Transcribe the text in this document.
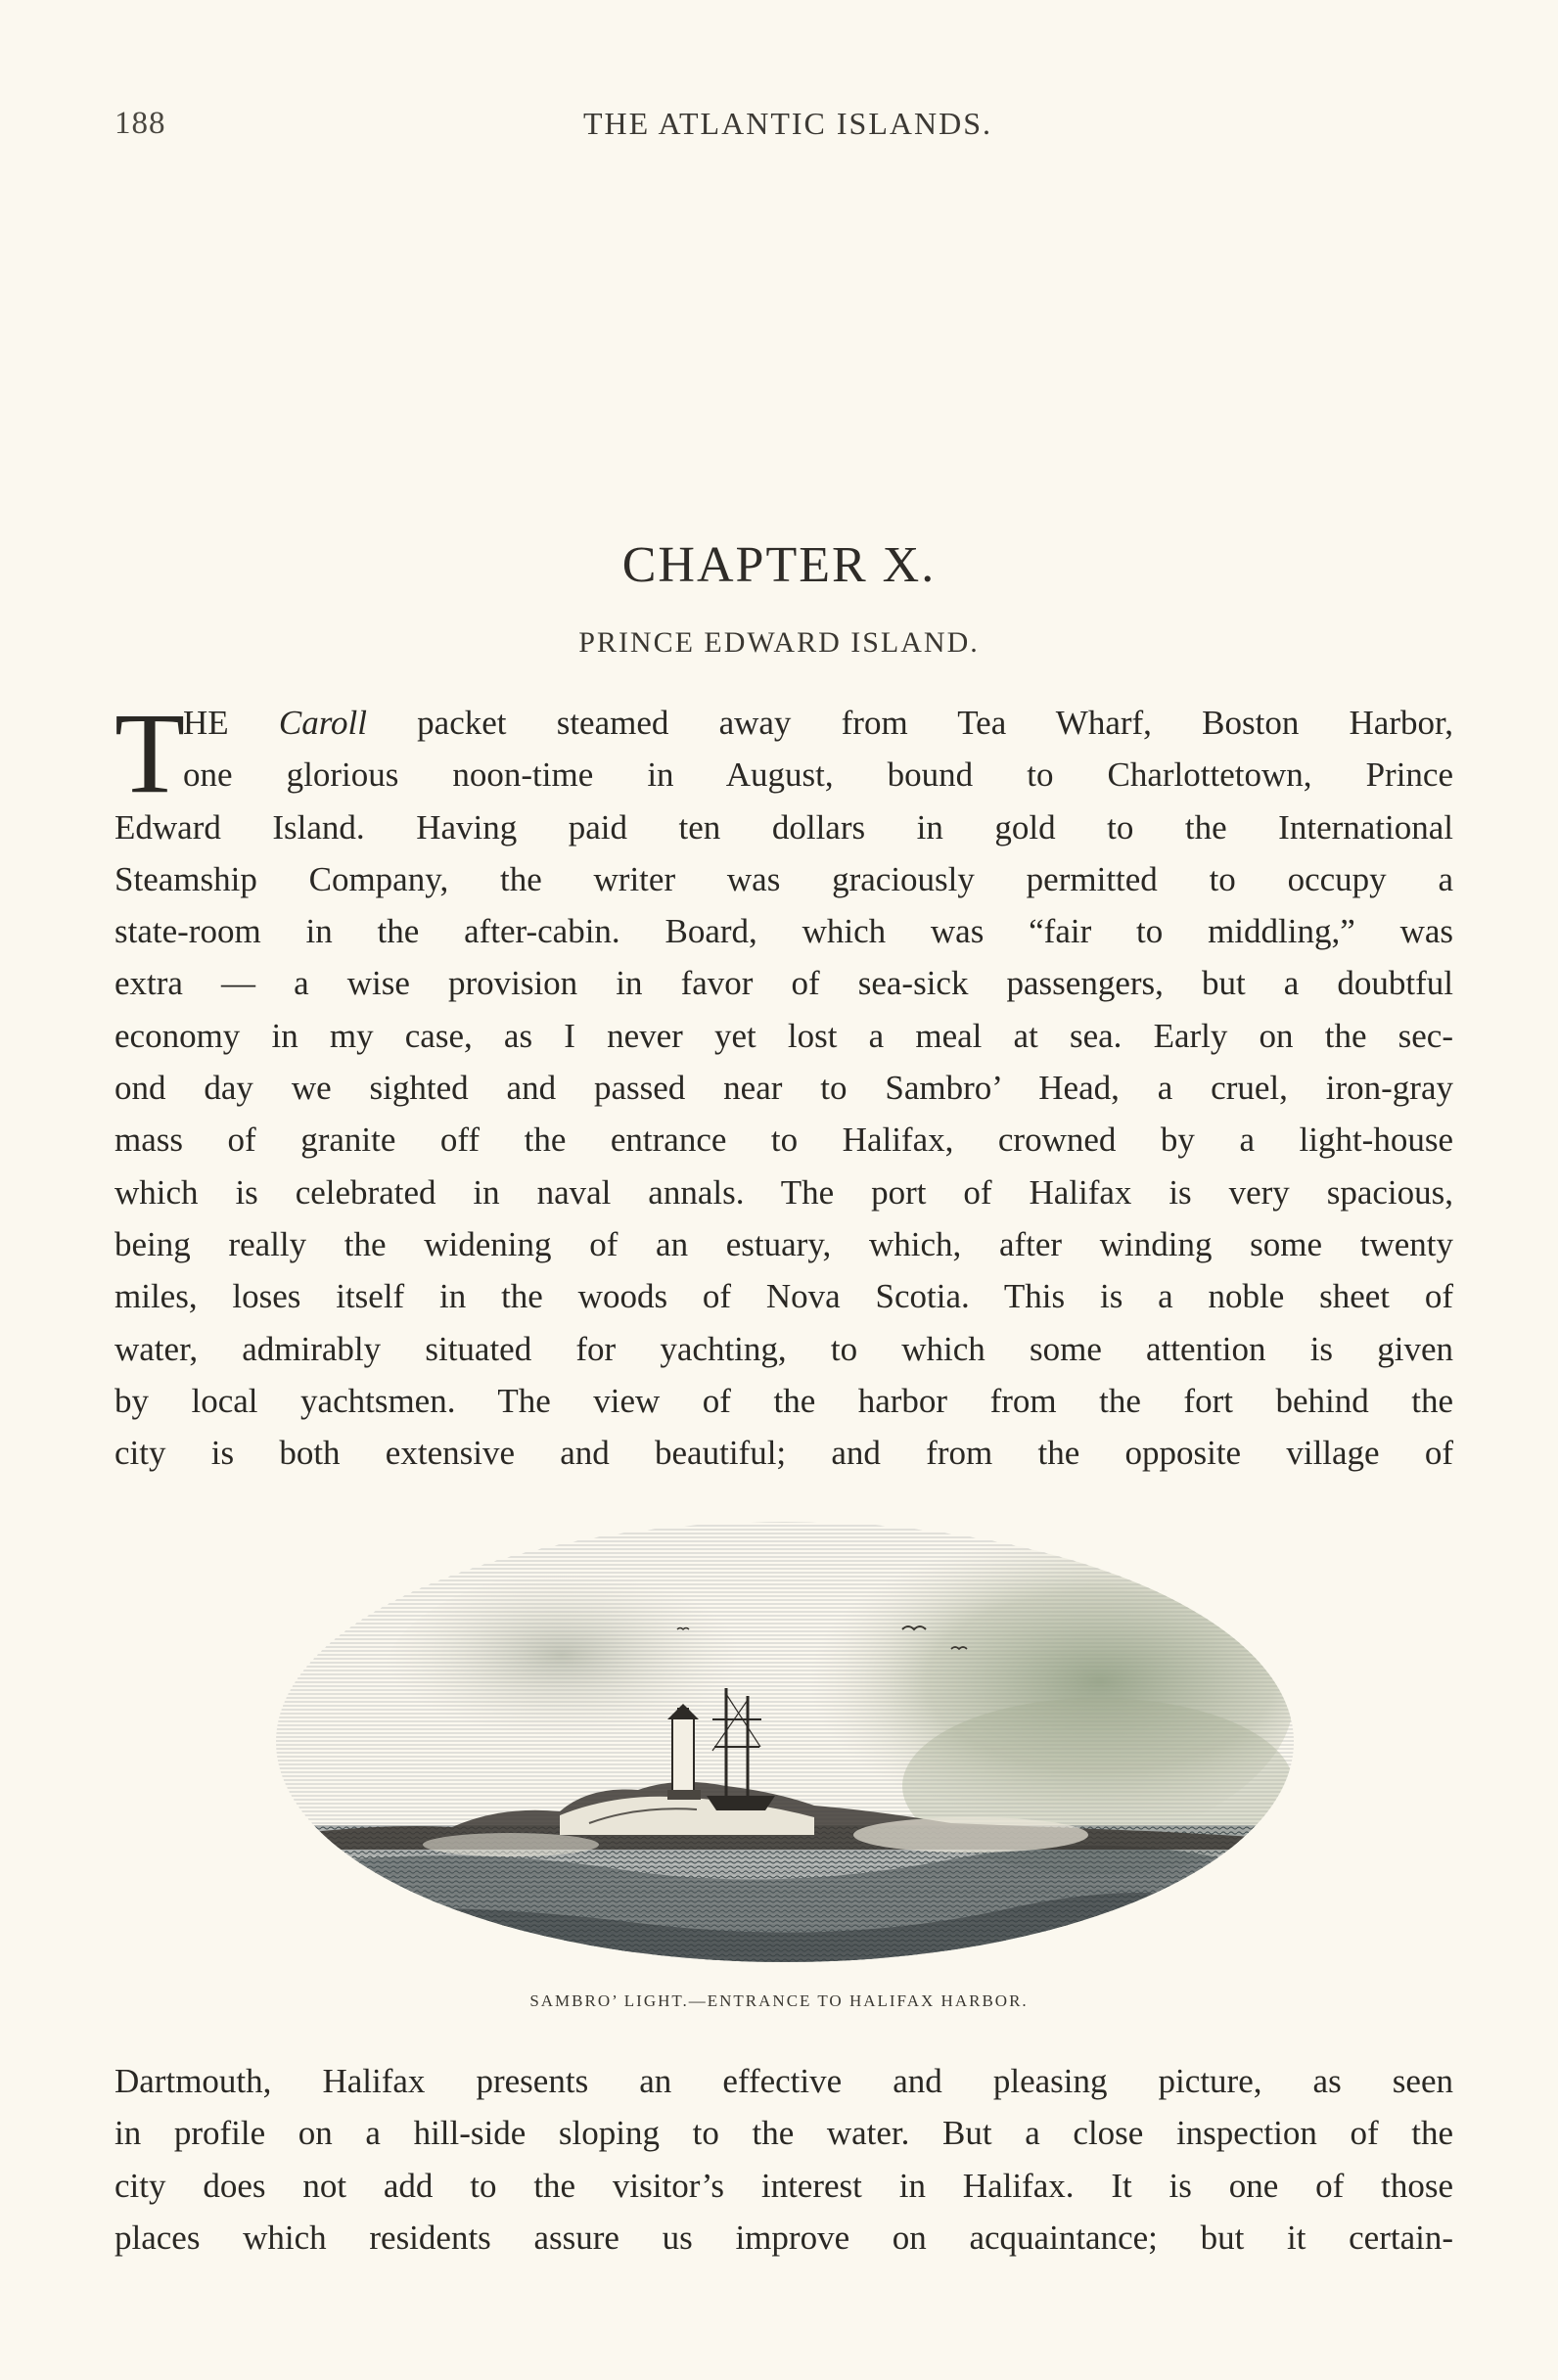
188	THE ATLANTIC ISLANDS.
CHAPTER X.
PRINCE EDWARD ISLAND.
T
HE Caroll packet steamed away from Tea Wharf, Boston Harbor,
one glorious noon-time in August, bound to Charlottetown, Prince
Edward Island. Having paid ten dollars in gold to the International
Steamship Company, the writer was graciously permitted to occupy a
state-room in the after-cabin. Board, which was “fair to middling,” was
extra — a wise provision in favor of sea-sick passengers, but a doubtful
economy in my case, as I never yet lost a meal at sea. Early on the sec-
ond day we sighted and passed near to Sambro’ Head, a cruel, iron-gray
mass of granite off the entrance to Halifax, crowned by a light-house
which is celebrated in naval annals. The port of Halifax is very spacious,
being really the widening of an estuary, which, after winding some twenty
miles, loses itself in the woods of Nova Scotia. This is a noble sheet of
water, admirably situated for yachting, to which some attention is given
by local yachtsmen. The view of the harbor from the fort behind the
city is both extensive and beautiful; and from the opposite village of
SAMBRO’ LIGHT.—ENTRANCE TO HALIFAX HARBOR.
Dartmouth, Halifax presents an effective and pleasing picture, as seen
in profile on a hill-side sloping to the water. But a close inspection of the
city does not add to the visitor’s interest in Halifax. It is one of those
places which residents assure us improve on acquaintance; but it certain-
